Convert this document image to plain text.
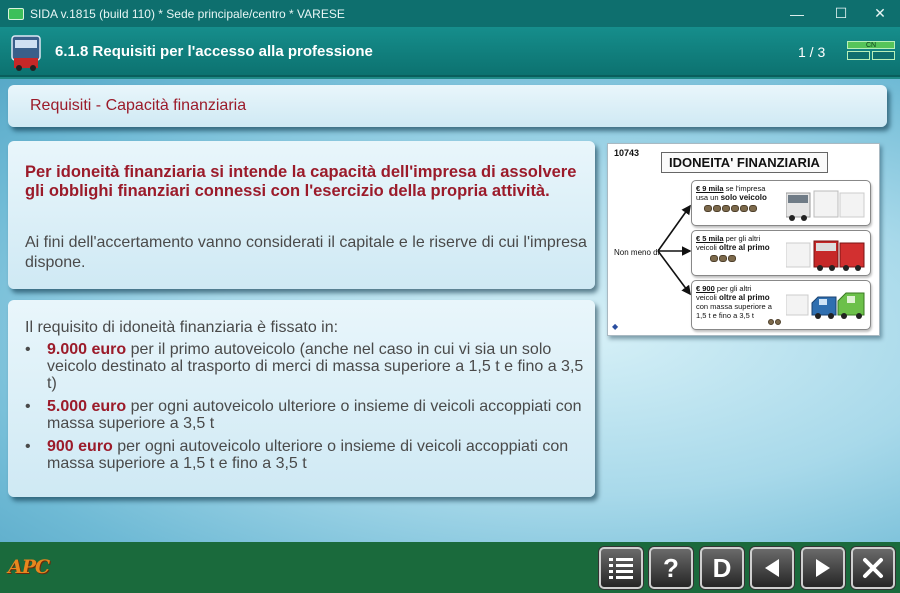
SIDA v.1815 (build 110) * Sede principale/centro * VARESE	— ☐ ✕
6.1.8 Requisiti per l'accesso alla professione	1 / 3	CN
Requisiti - Capacità finanziaria
Per idoneità finanziaria si intende la capacità dell'impresa di assolvere gli obblighi finanziari connessi con l'esercizio della propria attività.
Ai fini dell'accertamento vanno considerati il capitale e le riserve di cui l'impresa dispone.
Il requisito di idoneità finanziaria è fissato in:
• 9.000 euro per il primo autoveicolo (anche nel caso in cui vi sia un solo veicolo destinato al trasporto di merci di massa superiore a 1,5 t e fino a 3,5 t)
• 5.000 euro per ogni autoveicolo ulteriore o insieme di veicoli accoppiati con massa superiore a 3,5 t
• 900 euro per ogni autoveicolo ulteriore o insieme di veicoli accoppiati con massa superiore a 1,5 t e fino a 3,5 t
10743
IDONEITA' FINANZIARIA
Non meno di
€ 9 mila se l'impresa
usa un solo veicolo
€ 5 mila per gli altri
veicoli oltre al primo
€ 900 per gli altri
veicoli oltre al primo
con massa superiore a 1,5 t e fino a 3,5 t
◆
APC	? D
